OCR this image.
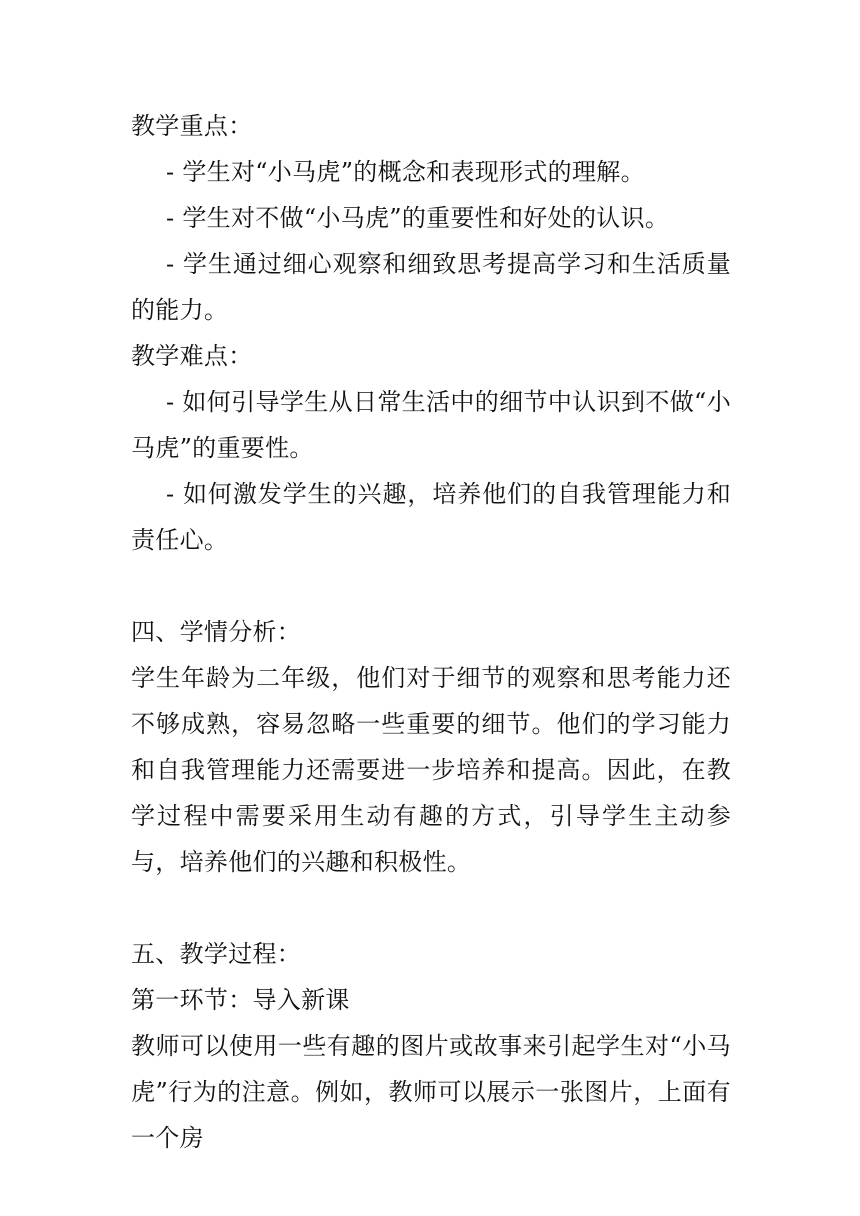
教学重点：

- 学生对“小马虎”的概念和表现形式的理解。

- 学生对不做“小马虎”的重要性和好处的认识。

- 学生通过细心观察和细致思考提高学习和生活质量的能力。

教学难点：

- 如何引导学生从日常生活中的细节中认识到不做“小马虎”的重要性。

- 如何激发学生的兴趣，培养他们的自我管理能力和责任心。

四、学情分析：

学生年龄为二年级，他们对于细节的观察和思考能力还不够成熟，容易忽略一些重要的细节。他们的学习能力和自我管理能力还需要进一步培养和提高。因此，在教学过程中需要采用生动有趣的方式，引导学生主动参与，培养他们的兴趣和积极性。

五、教学过程：

第一环节：导入新课

教师可以使用一些有趣的图片或故事来引起学生对“小马虎”行为的注意。例如，教师可以展示一张图片，上面有一个房
